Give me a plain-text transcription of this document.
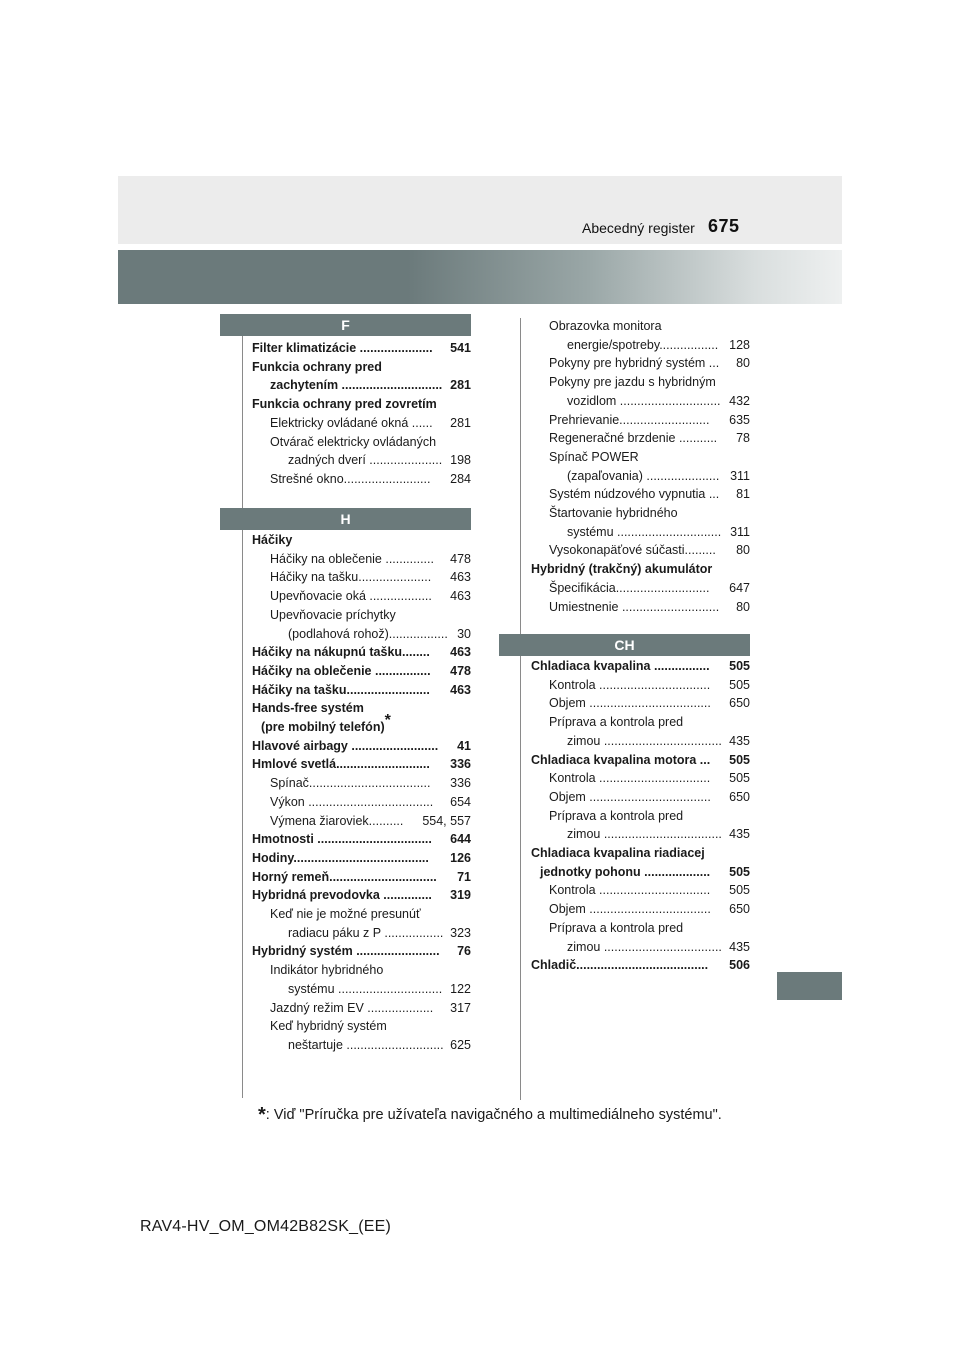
Abecedný register 675
F
Filter klimatizácie ..................... 541
Funkcia ochrany pred
zachytením ............................. 281
Funkcia ochrany pred zovretím
Elektricky ovládané okná ...... 281
Otvárač elektricky ovládaných
zadných dverí ..................... 198
Strešné okno......................... 284
H
Háčiky
Háčiky na oblečenie .............. 478
Háčiky na tašku..................... 463
Upevňovacie oká .................. 463
Upevňovacie príchytky
(podlahová rohož)................. 30
Háčiky na nákupnú tašku........ 463
Háčiky na oblečenie ................ 478
Háčiky na tašku........................ 463
Hands-free systém
(pre mobilný telefón)*
Hlavové airbagy ......................... 41
Hmlové svetlá........................... 336
Spínač................................... 336
Výkon .................................... 654
Výmena žiaroviek.......... 554, 557
Hmotnosti ................................. 644
Hodiny....................................... 126
Horný remeň............................... 71
Hybridná prevodovka .............. 319
Keď nie je možné presunúť
radiacu páku z P ................. 323
Hybridný systém ........................ 76
Indikátor hybridného
systému .............................. 122
Jazdný režim EV ................... 317
Keď hybridný systém
neštartuje ............................ 625
Obrazovka monitora
energie/spotreby................. 128
Pokyny pre hybridný systém ... 80
Pokyny pre jazdu s hybridným
vozidlom ............................. 432
Prehrievanie.......................... 635
Regeneračné brzdenie ........... 78
Spínač POWER
(zapaľovania) ..................... 311
Systém núdzového vypnutia ... 81
Štartovanie hybridného
systému .............................. 311
Vysokonapäťové súčasti......... 80
Hybridný (trakčný) akumulátor
Špecifikácia........................... 647
Umiestnenie ............................ 80
CH
Chladiaca kvapalina ................ 505
Kontrola ................................ 505
Objem ................................... 650
Príprava a kontrola pred
zimou .................................. 435
Chladiaca kvapalina motora ... 505
Kontrola ................................ 505
Objem ................................... 650
Príprava a kontrola pred
zimou .................................. 435
Chladiaca kvapalina riadiacej
jednotky pohonu ................... 505
Kontrola ................................ 505
Objem ................................... 650
Príprava a kontrola pred
zimou .................................. 435
Chladič...................................... 506
*: Viď "Príručka pre užívateľa navigačného a multimediálneho systému".
RAV4-HV_OM_OM42B82SK_(EE)
